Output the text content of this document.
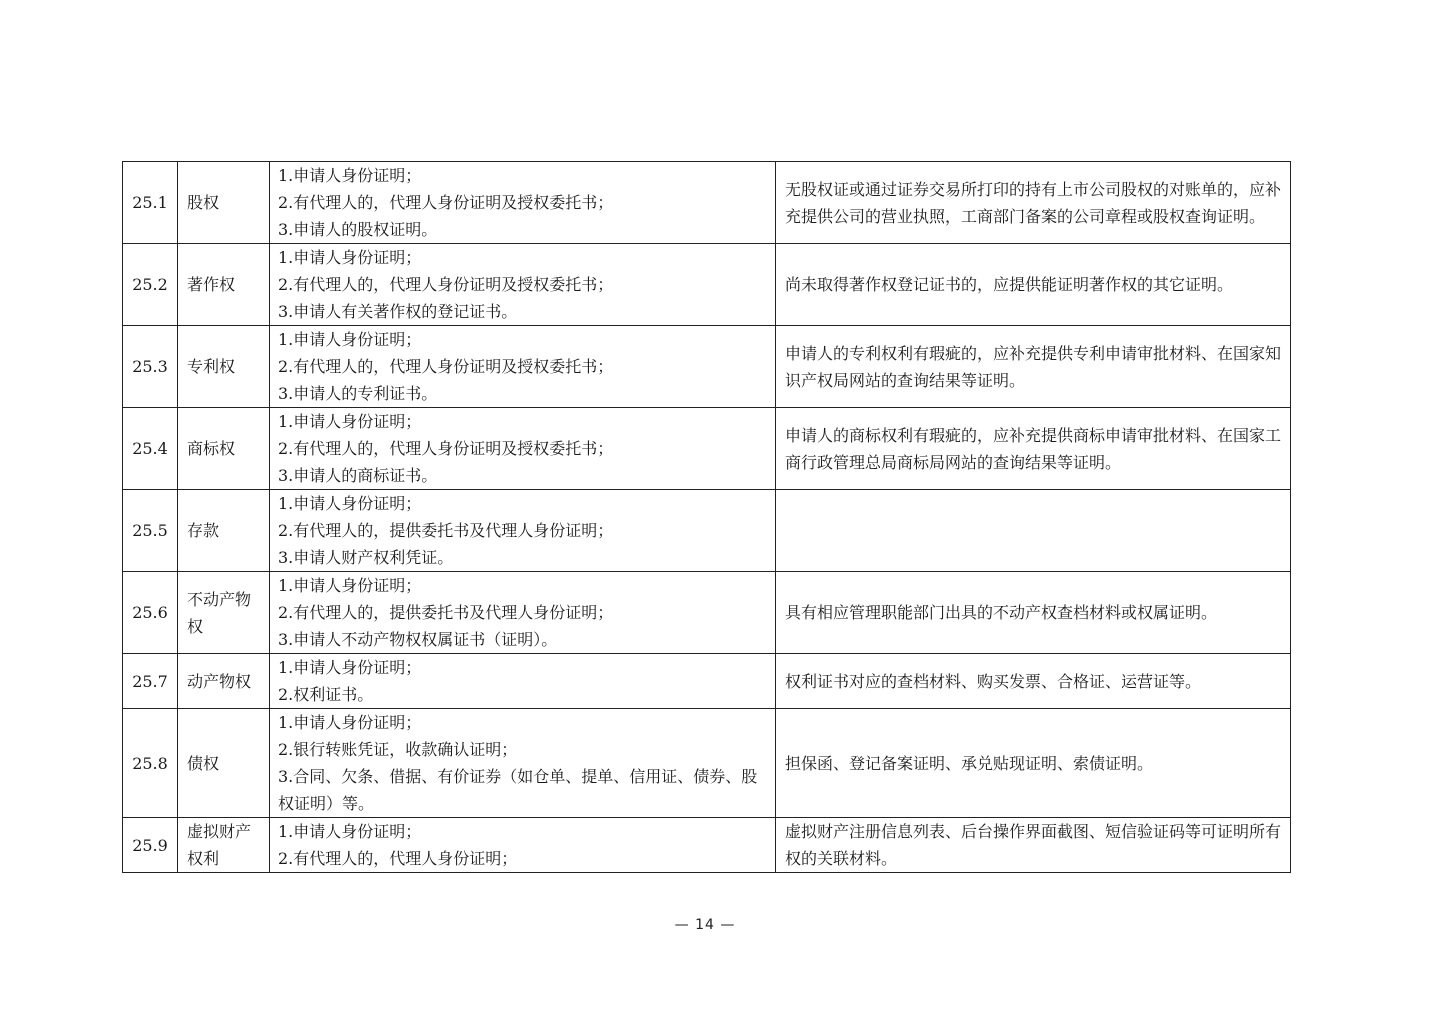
25.1	股权	1.申请人身份证明；
2.有代理人的，代理人身份证明及授权委托书；
3.申请人的股权证明。	无股权证或通过证券交易所打印的持有上市公司股权的对账单的，应补充提供公司的营业执照，工商部门备案的公司章程或股权查询证明。
25.2	著作权	1.申请人身份证明；
2.有代理人的，代理人身份证明及授权委托书；
3.申请人有关著作权的登记证书。	尚未取得著作权登记证书的，应提供能证明著作权的其它证明。
25.3	专利权	1.申请人身份证明；
2.有代理人的，代理人身份证明及授权委托书；
3.申请人的专利证书。	申请人的专利权利有瑕疵的，应补充提供专利申请审批材料、在国家知识产权局网站的查询结果等证明。
25.4	商标权	1.申请人身份证明；
2.有代理人的，代理人身份证明及授权委托书；
3.申请人的商标证书。	申请人的商标权利有瑕疵的，应补充提供商标申请审批材料、在国家工商行政管理总局商标局网站的查询结果等证明。
25.5	存款	1.申请人身份证明；
2.有代理人的，提供委托书及代理人身份证明；
3.申请人财产权利凭证。	

25.6	不动产物权	1.申请人身份证明；
2.有代理人的，提供委托书及代理人身份证明；
3.申请人不动产物权权属证书（证明）。	具有相应管理职能部门出具的不动产权查档材料或权属证明。
25.7	动产物权	1.申请人身份证明；
2.权利证书。	权利证书对应的查档材料、购买发票、合格证、运营证等。
25.8	债权	1.申请人身份证明；
2.银行转账凭证，收款确认证明；
3.合同、欠条、借据、有价证券（如仓单、提单、信用证、债券、股权证明）等。	担保函、登记备案证明、承兑贴现证明、索债证明。
25.9	虚拟财产权利	1.申请人身份证明；
2.有代理人的，代理人身份证明；	虚拟财产注册信息列表、后台操作界面截图、短信验证码等可证明所有权的关联材料。
— 14 —
